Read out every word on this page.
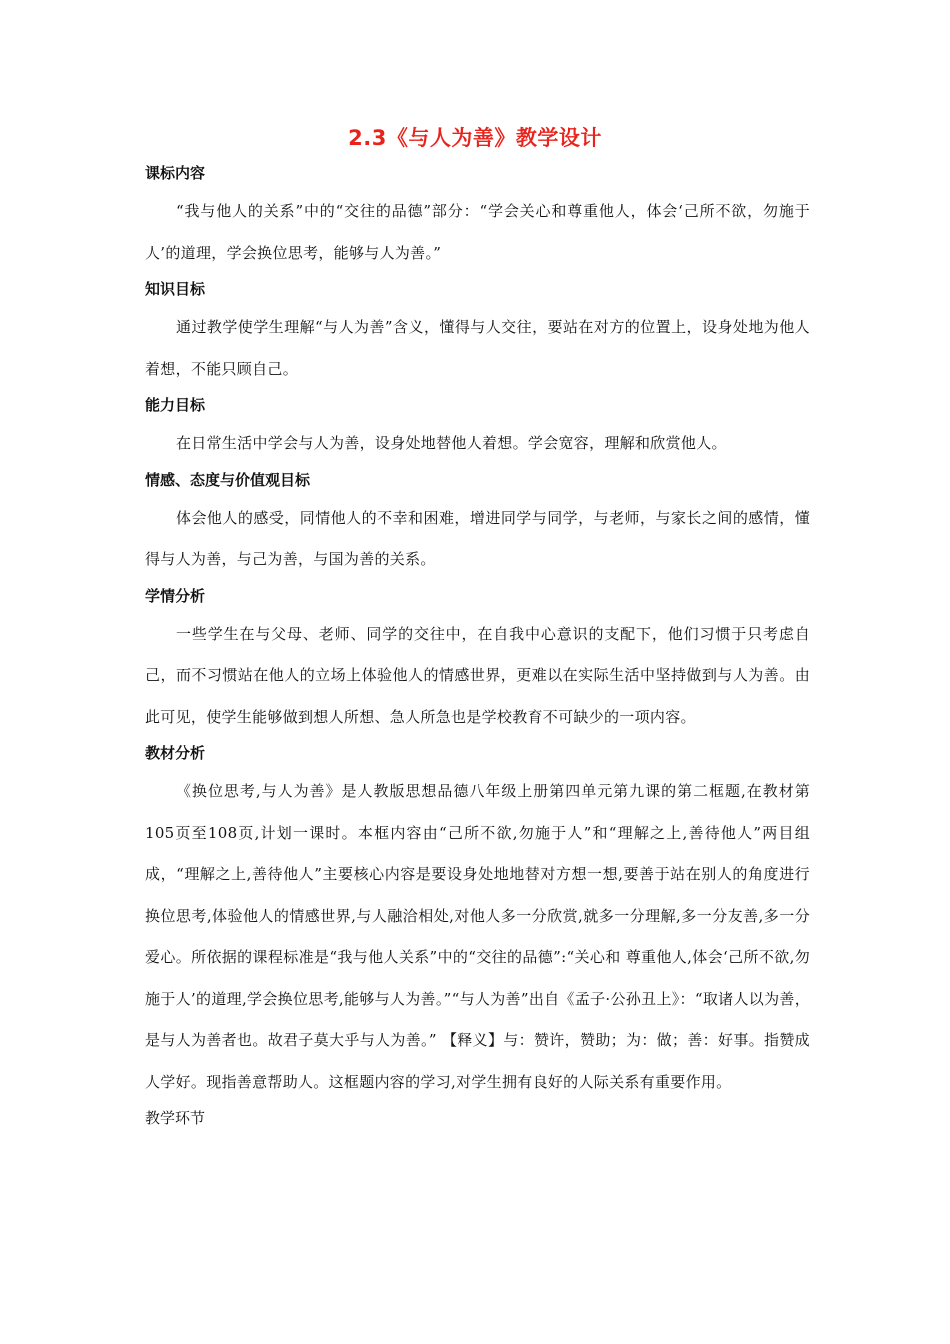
2.3《与人为善》教学设计

课标内容

“我与他人的关系”中的“交往的品德”部分：“学会关心和尊重他人，体会‘己所不欲，勿施于人’的道理，学会换位思考，能够与人为善。”

知识目标

通过教学使学生理解“与人为善”含义，懂得与人交往，要站在对方的位置上，设身处地为他人着想，不能只顾自己。

能力目标

在日常生活中学会与人为善，设身处地替他人着想。学会宽容，理解和欣赏他人。

情感、态度与价值观目标

体会他人的感受，同情他人的不幸和困难，增进同学与同学，与老师，与家长之间的感情，懂得与人为善，与己为善，与国为善的关系。

学情分析

一些学生在与父母、老师、同学的交往中，在自我中心意识的支配下，他们习惯于只考虑自己，而不习惯站在他人的立场上体验他人的情感世界，更难以在实际生活中坚持做到与人为善。由此可见，使学生能够做到想人所想、急人所急也是学校教育不可缺少的一项内容。

教材分析

《换位思考,与人为善》是人教版思想品德八年级上册第四单元第九课的第二框题,在教材第105页至108页,计划一课时。本框内容由“己所不欲,勿施于人”和“理解之上,善待他人”两目组成，“理解之上,善待他人”主要核心内容是要设身处地地替对方想一想,要善于站在别人的角度进行换位思考,体验他人的情感世界,与人融洽相处,对他人多一分欣赏,就多一分理解,多一分友善,多一分爱心。所依据的课程标准是“我与他人关系”中的“交往的品德”:“关心和 尊重他人,体会‘己所不欲,勿施于人’的道理,学会换位思考,能够与人为善。”“与人为善”出自《孟子·公孙丑上》：“取诸人以为善，是与人为善者也。故君子莫大乎与人为善。” 【释义】与：赞许，赞助；为：做；善：好事。指赞成人学好。现指善意帮助人。这框题内容的学习,对学生拥有良好的人际关系有重要作用。

教学环节
